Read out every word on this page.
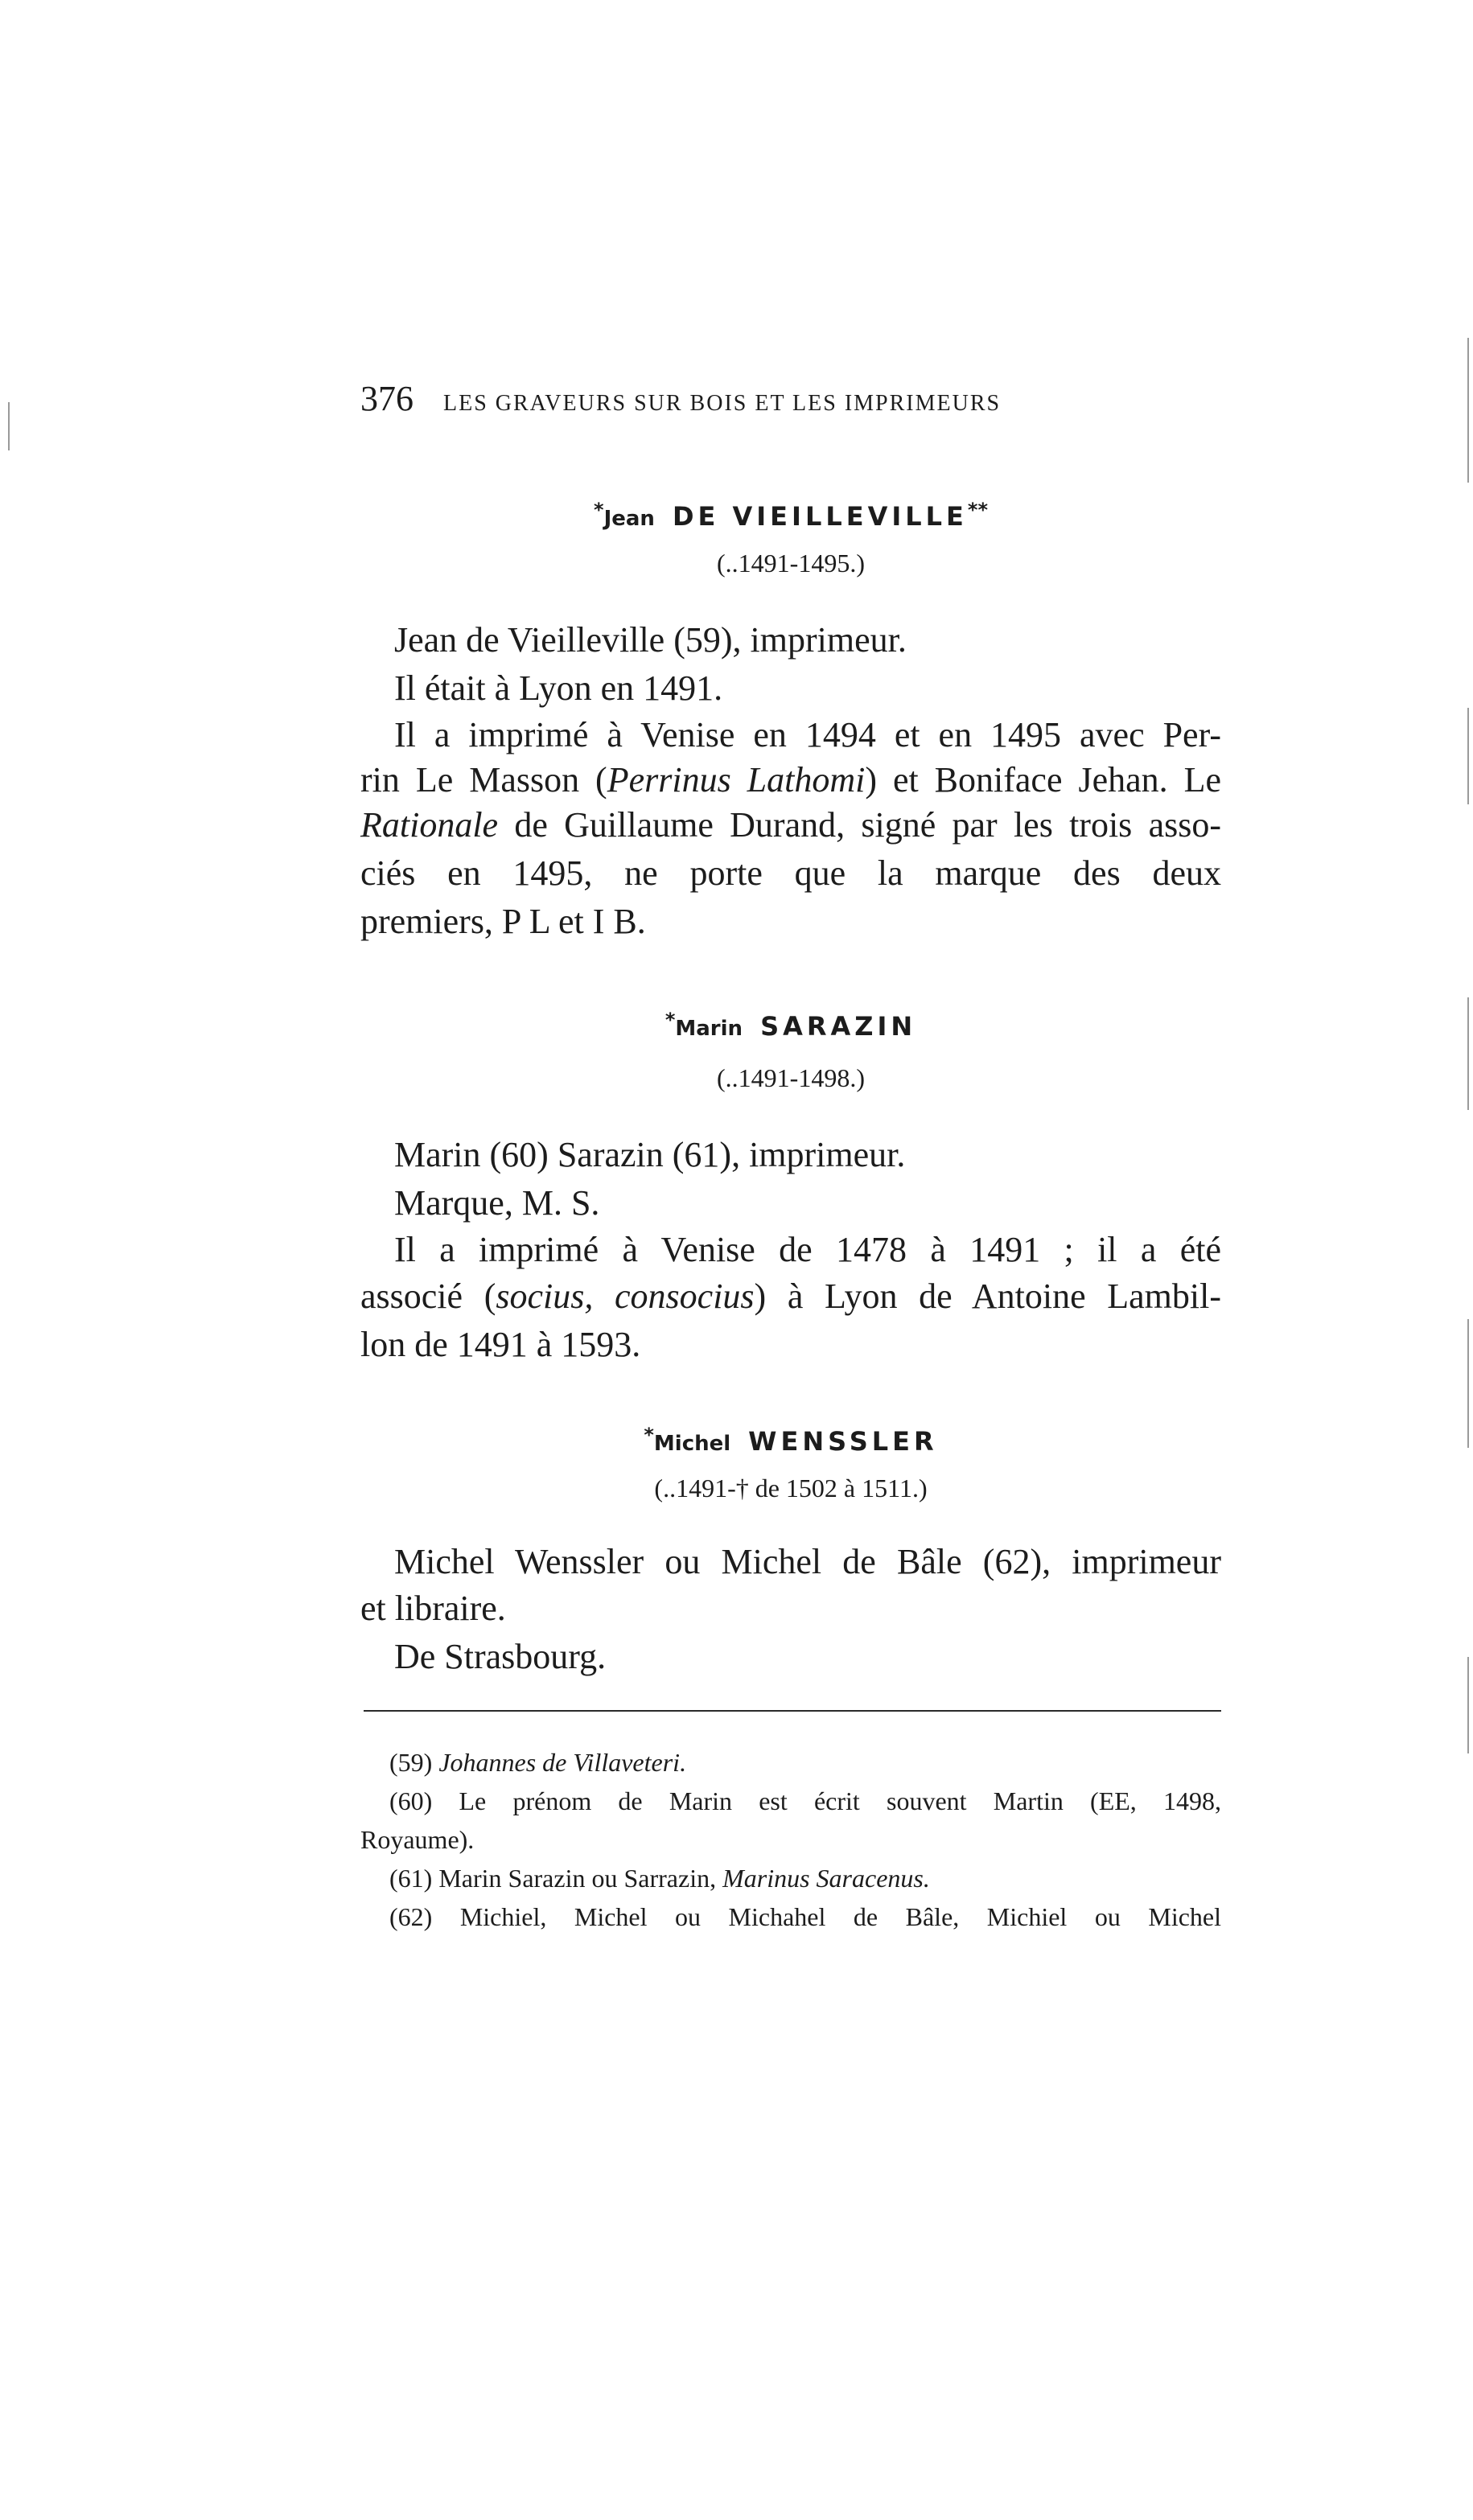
376 LES GRAVEURS SUR BOIS ET LES IMPRIMEURS
*Jean DE VIEILLEVILLE**
(..1491-1495.)
Jean de Vieilleville (59), imprimeur.
Il était à Lyon en 1491.
Il a imprimé à Venise en 1494 et en 1495 avec Per-
rin Le Masson (Perrinus Lathomi) et Boniface Jehan. Le
Rationale de Guillaume Durand, signé par les trois asso-
ciés en 1495, ne porte que la marque des deux
premiers, P L et I B.
*Marin SARAZIN
(..1491-1498.)
Marin (60) Sarazin (61), imprimeur.
Marque, M. S.
Il a imprimé à Venise de 1478 à 1491 ; il a été
associé (socius, consocius) à Lyon de Antoine Lambil-
lon de 1491 à 1593.
*Michel WENSSLER
(..1491-† de 1502 à 1511.)
Michel Wenssler ou Michel de Bâle (62), imprimeur
et libraire.
De Strasbourg.
(59) Johannes de Villaveteri.
(60) Le prénom de Marin est écrit souvent Martin (EE, 1498,
Royaume).
(61) Marin Sarazin ou Sarrazin, Marinus Saracenus.
(62) Michiel, Michel ou Michahel de Bâle, Michiel ou Michel
